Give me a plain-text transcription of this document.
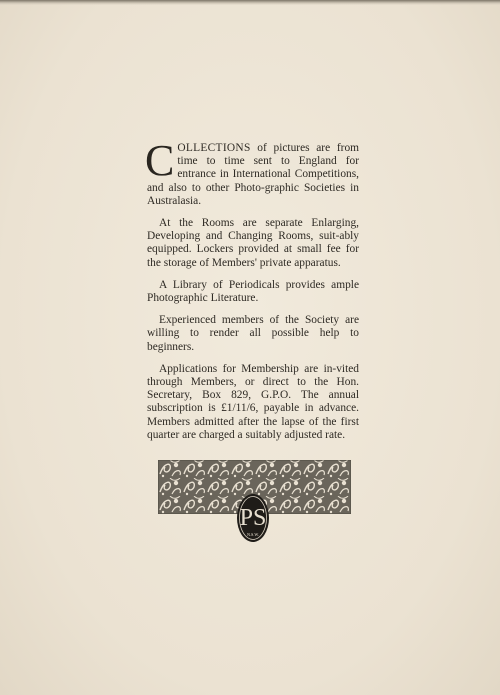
COLLECTIONS of pictures are from time to time sent to England for entrance in International Competitions, and also to other Photo-graphic Societies in Australasia.

At the Rooms are separate Enlarging, Developing and Changing Rooms, suit-ably equipped. Lockers provided at small fee for the storage of Members' private apparatus.

A Library of Periodicals provides ample Photographic Literature.

Experienced members of the Society are willing to render all possible help to beginners.

Applications for Membership are in-vited through Members, or direct to the Hon. Secretary, Box 829, G.P.O. The annual subscription is £1/11/6, payable in advance. Members admitted after the lapse of the first quarter are charged a suitably adjusted rate.

PS
N.S.W.
